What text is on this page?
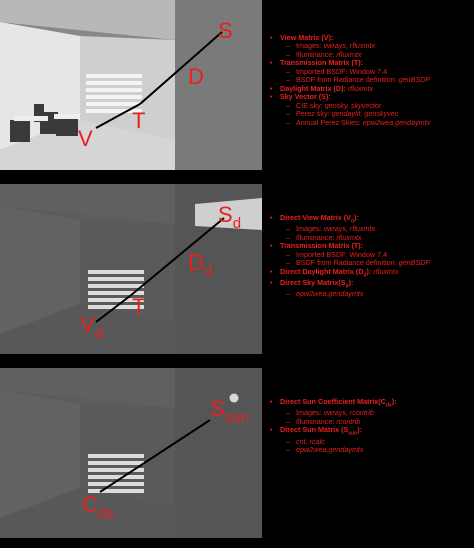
S
D
T
V
• View Matrix (V):
– Images: vwrays, rfluxmtx
– Illuminance: rfluxmtx
• Transmission Matrix (T):
– Imported BSDF: Window 7.4
– BSDF from Radiance definition: genBSDF
• Daylight Matrix (D): rfluxmtx
• Sky Vector (S):
– CIE sky: gensky, skyvector
– Perez sky: gendaylit, genskyvec
– Annual Perez Skies: epw2wea,gendaymtx
$S_d$
$D_d$
T
$V_d$
• Direct View Matrix $(V_d)$:
– Images: vwrays, rfluxmtx
– Illuminance: rfluxmtx
• Transmission Matrix (T):
– Imported BSDF: Window 7.4
– BSDF from Radiance definition: genBSDF
• Direct Daylight Matrix $(D_d)$: rfluxmtx
• Direct Sky $Matrix(S_d)$:
– epw2wea,gendaymtx
$S_{sun}$
$C_{ds}$
• Direct Sun Coefficient $Matrix(C_{ds})$:
– Images: vwrays, rcontrib
– Illuminance: rcontrib
• Direct Sun Matrix $(S_{sun})$:
– cnt, rcalc
– epw2wea,gendaymtx
